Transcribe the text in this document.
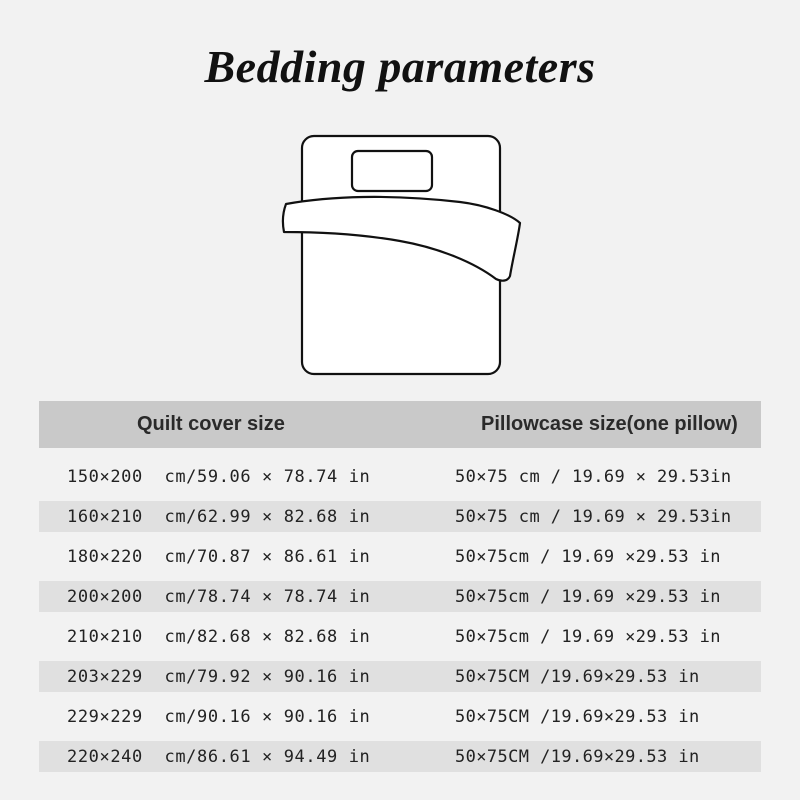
Bedding parameters
Quilt cover size	Pillowcase size(one pillow)
150×200  cm/59.06 × 78.74 in	50×75 cm / 19.69 × 29.53in
160×210  cm/62.99 × 82.68 in	50×75 cm / 19.69 × 29.53in
180×220  cm/70.87 × 86.61 in	50×75cm / 19.69 ×29.53 in
200×200  cm/78.74 × 78.74 in	50×75cm / 19.69 ×29.53 in
210×210  cm/82.68 × 82.68 in	50×75cm / 19.69 ×29.53 in
203×229  cm/79.92 × 90.16 in	50×75CM /19.69×29.53 in
229×229  cm/90.16 × 90.16 in	50×75CM /19.69×29.53 in
220×240  cm/86.61 × 94.49 in	50×75CM /19.69×29.53 in
